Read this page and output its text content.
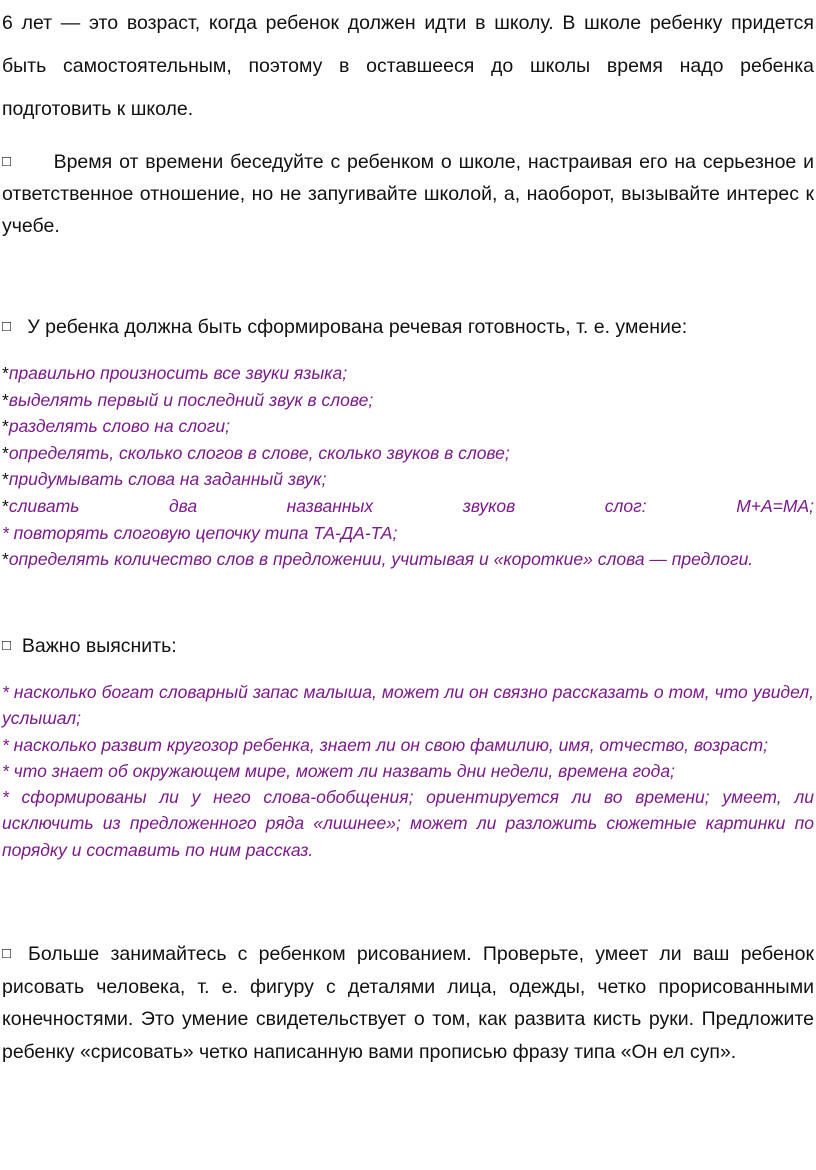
6 лет — это возраст, когда ребенок должен идти в школу. В школе ребенку придется быть самостоятельным, поэтому в оставшееся до школы время надо ребенка подготовить к школе.

□ Время от времени беседуйте с ребенком о школе, настраивая его на серьезное и ответственное отношение, но не запугивайте школой, а, наоборот, вызывайте интерес к учебе.

□ У ребенка должна быть сформирована речевая готовность, т. е. умение:

*правильно произносить все звуки языка;

*выделять первый и последний звук в слове;

*разделять слово на слоги;

*определять, сколько слогов в слове, сколько звуков в слове;

*придумывать слова на заданный звук;

*сливать два названных звуков слог: М+А=МА;

* повторять слоговую цепочку типа ТА-ДА-ТА;

*определять количество слов в предложении, учитывая и «короткие» слова — предлоги.

□ Важно выяснить:

* насколько богат словарный запас малыша, может ли он связно рассказать о том, что увидел, услышал;

* насколько развит кругозор ребенка, знает ли он свою фамилию, имя, отчество, возраст;

* что знает об окружающем мире, может ли назвать дни недели, времена года;

* сформированы ли у него слова-обобщения; ориентируется ли во времени; умеет, ли исключить из предложенного ряда «лишнее»; может ли разложить сюжетные картинки по порядку и составить по ним рассказ.

□ Больше занимайтесь с ребенком рисованием. Проверьте, умеет ли ваш ребенок рисовать человека, т. е. фигуру с деталями лица, одежды, четко прорисованными конечностями. Это умение свидетельствует о том, как развита кисть руки. Предложите ребенку «срисовать» четко написанную вами прописью фразу типа «Он ел суп».
